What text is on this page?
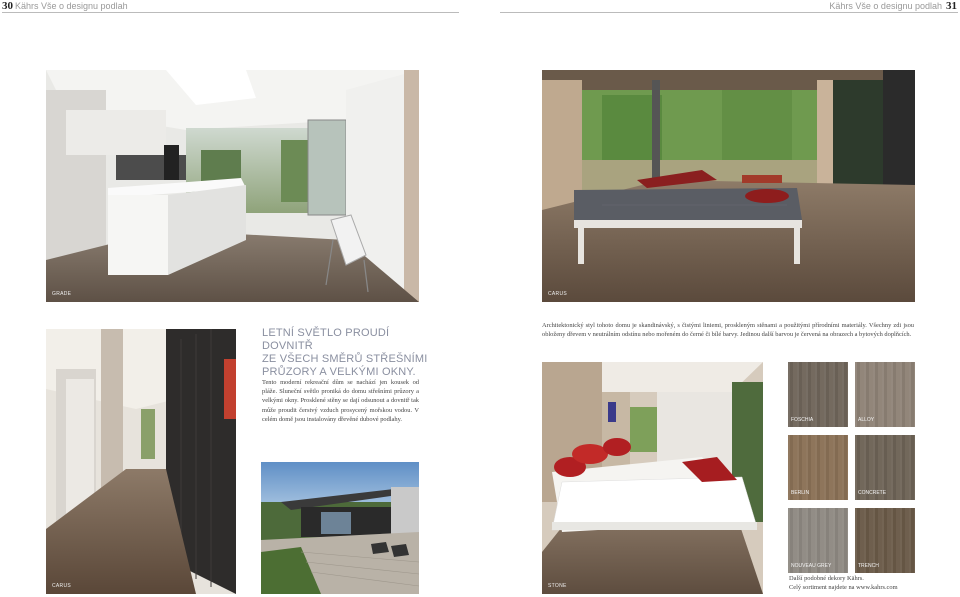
30 Kährs Vše o designu podlah	Kährs Vše o designu podlah 31
GRADE
CARUS
LETNÍ SVĚTLO PROUDÍ DOVNITŘ
ZE VŠECH SMĚRŮ STŘEŠNÍMI
PRŮZORY A VELKÝMI OKNY.
Tento moderní rekreační dům se nachází jen kousek od pláže. Sluneční světlo proniká do domu střešními průzory a velkými okny. Prosklené stěny se dají odsunout a dovnitř tak může proudit čerstvý vzduch prosycený mořskou vodou. V celém domě jsou instalovány dřevěné dubové podlahy.
CARUS
Architektonický styl tohoto domu je skandinávský, s čistými liniemi, proskleným stěnami a použitými přírodními materiály. Všechny zdi jsou obloženy dřevem v neutrálním odstínu nebo mořeném do černé či bílé barvy. Jedinou další barvou je červená na obrazech a bytových doplňcích.
STONE
FOSCHIA	ALLOY
BERLIN	CONCRETE
NOUVEAU GREY	TRENCH
Další podobné dekory Kährs.
Celý sortiment najdete na www.kahrs.com
